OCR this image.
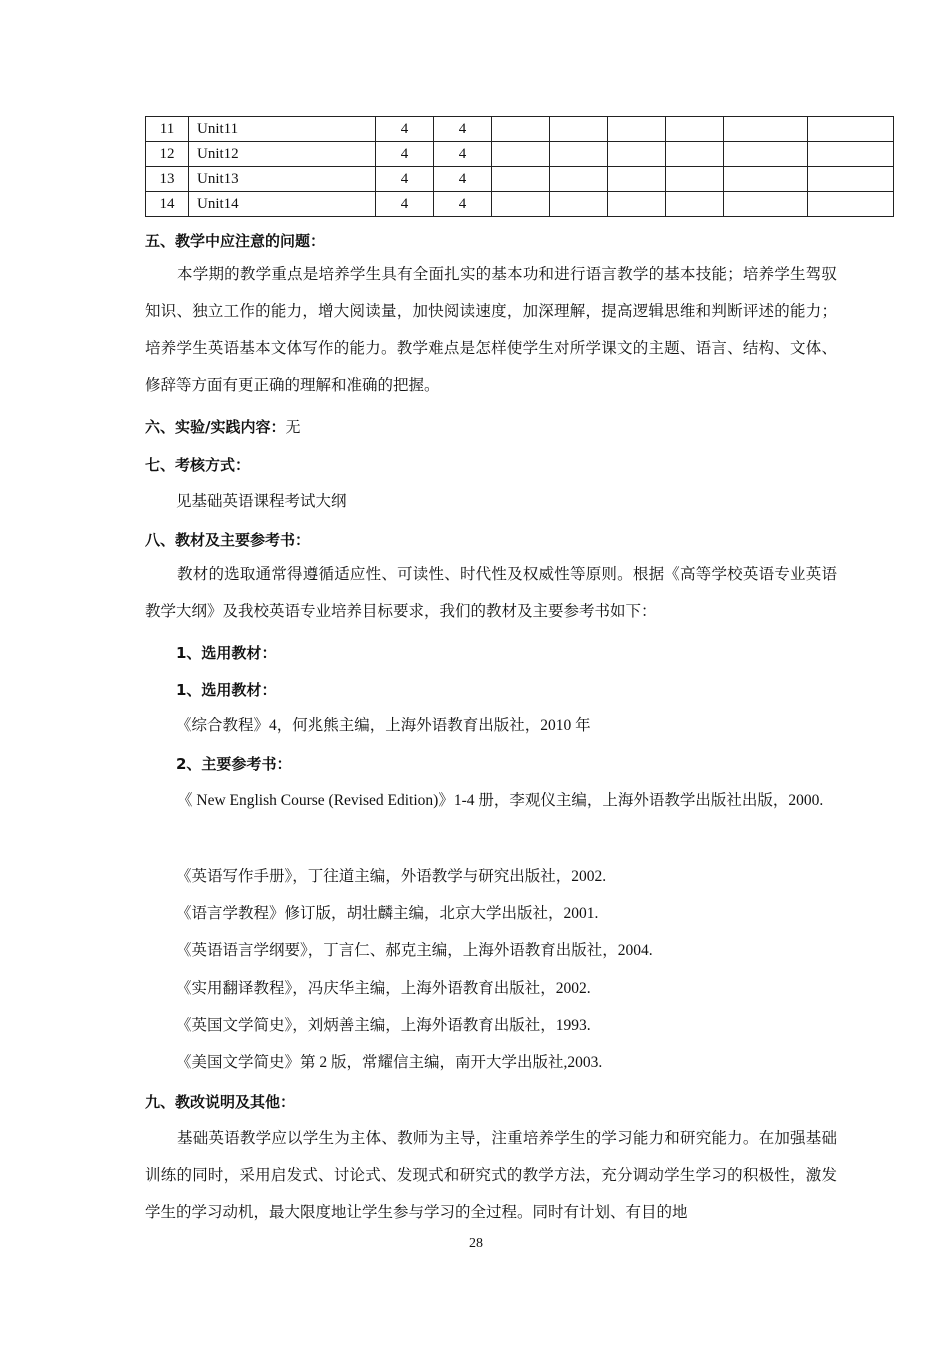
11	Unit11	4	4						
12	Unit12	4	4						
13	Unit13	4	4						
14	Unit14	4	4						
五、教学中应注意的问题：

本学期的教学重点是培养学生具有全面扎实的基本功和进行语言教学的基本技能；培养学生驾驭知识、独立工作的能力，增大阅读量，加快阅读速度，加深理解，提高逻辑思维和判断评述的能力；培养学生英语基本文体写作的能力。教学难点是怎样使学生对所学课文的主题、语言、结构、文体、修辞等方面有更正确的理解和准确的把握。

六、实验/实践内容：无
七、考核方式：
见基础英语课程考试大纲
八、教材及主要参考书：

教材的选取通常得遵循适应性、可读性、时代性及权威性等原则。根据《高等学校英语专业英语教学大纲》及我校英语专业培养目标要求，我们的教材及主要参考书如下：

1、选用教材：
1、选用教材：
《综合教程》4，何兆熊主编，上海外语教育出版社，2010 年
2、主要参考书：

《 New English Course (Revised Edition)》1-4 册，李观仪主编，上海外语教学出版社出版，2000.

《英语写作手册》，丁往道主编，外语教学与研究出版社，2002.
《语言学教程》修订版，胡壮麟主编，北京大学出版社，2001.
《英语语言学纲要》，丁言仁、郝克主编，上海外语教育出版社，2004.
《实用翻译教程》，冯庆华主编，上海外语教育出版社，2002.
《英国文学简史》，刘炳善主编，上海外语教育出版社，1993.
《美国文学简史》第 2 版，常耀信主编，南开大学出版社,2003.
九、教改说明及其他：

基础英语教学应以学生为主体、教师为主导，注重培养学生的学习能力和研究能力。在加强基础训练的同时，采用启发式、讨论式、发现式和研究式的教学方法，充分调动学生学习的积极性，激发学生的学习动机，最大限度地让学生参与学习的全过程。同时有计划、有目的地

28
